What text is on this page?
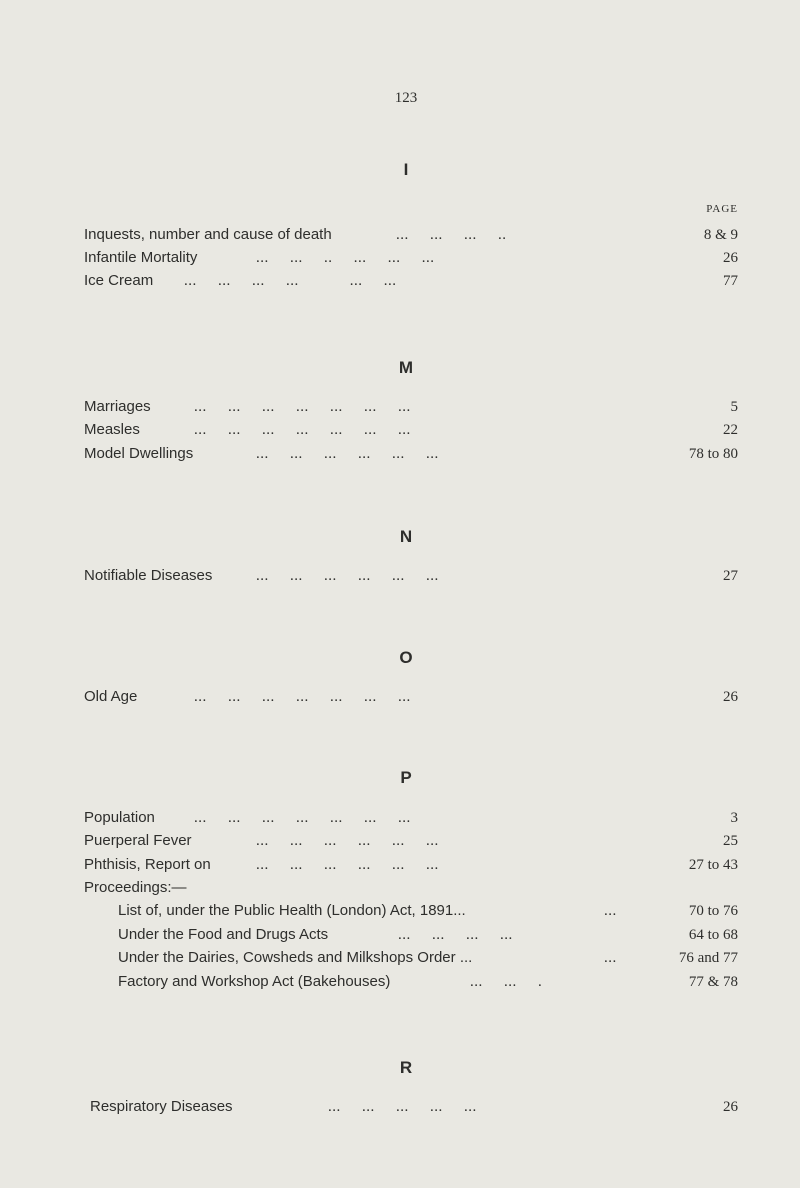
123
I
PAGE
Inquests, number and cause of death	...     ...     ...     ..	8 & 9
Infantile Mortality	...     ...     ..     ...     ...     ...	26
Ice Cream ...     ...     ...     ...            ...     ...	77
M
Marriages	...     ...     ...     ...     ...     ...     ...	5
Measles	...     ...     ...     ...     ...     ...     ...	22
Model Dwellings	...     ...     ...     ...     ...     ...	78 to 80
N
Notifiable Diseases	...     ...     ...     ...     ...     ...	27
O
Old Age	...     ...     ...     ...     ...     ...     ...	26
P
Population	...     ...     ...     ...     ...     ...     ...	3
Puerperal Fever	...     ...     ...     ...     ...     ...	25
Phthisis, Report on	...     ...     ...     ...     ...     ...	27 to 43
Proceedings:—
List of, under the Public Health (London) Act, 1891...	...	70 to 76
Under the Food and Drugs Acts	...     ...     ...     ...	64 to 68
Under the Dairies, Cowsheds and Milkshops Order ...	...	76 and 77
Factory and Workshop Act (Bakehouses)	...     ...     .	77 & 78
R
Respiratory Diseases	...     ...     ...     ...     ...	26
